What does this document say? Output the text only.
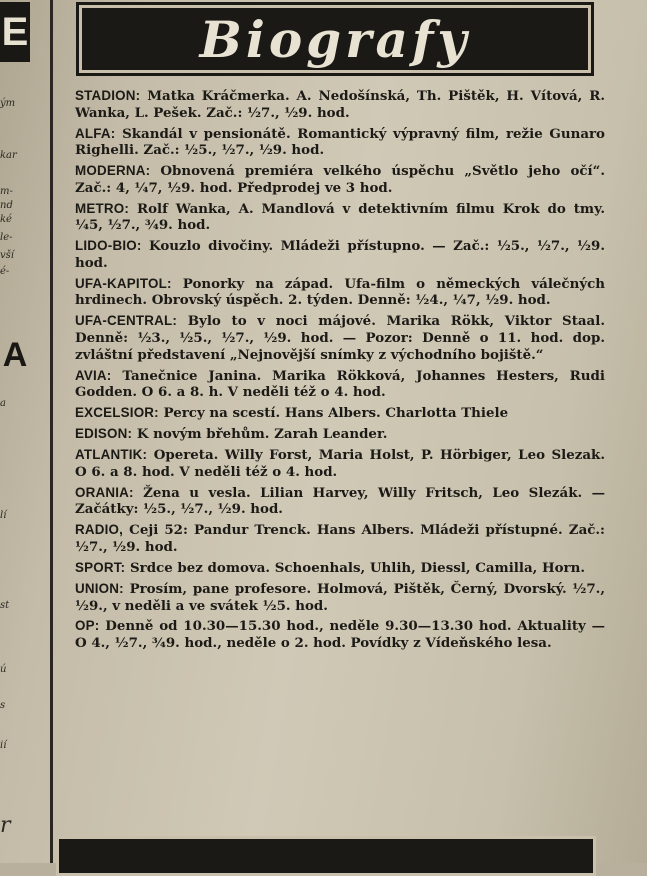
E
ým
kar
m-
nd
ké
le-
vší
é-
A
a
lí
st
ú
s
ií
r
Biografy
STADION: Matka Kráčmerka. A. Nedošínská, Th. Pištěk, H. Vítová, R. Wanka, L. Pešek. Zač.: ½7., ½9. hod.
ALFA: Skandál v pensionátě. Romantický výpravný film, režie Gunaro Righelli. Zač.: ½5., ½7., ½9. hod.
MODERNA: Obnovená premiéra velkého úspěchu „Světlo jeho očí“. Zač.: 4, ¼7, ½9. hod. Předprodej ve 3 hod.
METRO: Rolf Wanka, A. Mandlová v detektivním filmu Krok do tmy. ¼5, ½7., ¾9. hod.
LIDO-BIO: Kouzlo divočiny. Mládeži přístupno. — Zač.: ½5., ½7., ½9. hod.
UFA-KAPITOL: Ponorky na západ. Ufa-film o německých válečných hrdinech. Obrovský úspěch. 2. týden. Denně: ½4., ¼7, ½9. hod.
UFA-CENTRAL: Bylo to v noci májové. Marika Rökk, Viktor Staal. Denně: ½3., ½5., ½7., ½9. hod. — Pozor: Denně o 11. hod. dop. zvláštní představení „Nejnovější snímky z východního bojiště.“
AVIA: Tanečnice Janina. Marika Rökková, Johannes Hesters, Rudi Godden. O 6. a 8. h. V neděli též o 4. hod.
EXCELSIOR: Percy na scestí. Hans Albers. Charlotta Thiele
EDISON: K novým břehům. Zarah Leander.
ATLANTIK: Opereta. Willy Forst, Maria Holst, P. Hörbiger, Leo Slezak. O 6. a 8. hod. V neděli též o 4. hod.
ORANIA: Žena u vesla. Lilian Harvey, Willy Fritsch, Leo Slezák. — Začátky: ½5., ½7., ½9. hod.
RADIO, Ceji 52: Pandur Trenck. Hans Albers. Mládeži přístupné. Zač.: ½7., ½9. hod.
SPORT: Srdce bez domova. Schoenhals, Uhlih, Diessl, Camilla, Horn.
UNION: Prosím, pane profesore. Holmová, Pištěk, Černý, Dvorský. ½7., ½9., v neděli a ve svátek ½5. hod.
OP: Denně od 10.30—15.30 hod., neděle 9.30—13.30 hod. Aktuality — O 4., ½7., ¾9. hod., neděle o 2. hod. Povídky z Vídeňského lesa.
